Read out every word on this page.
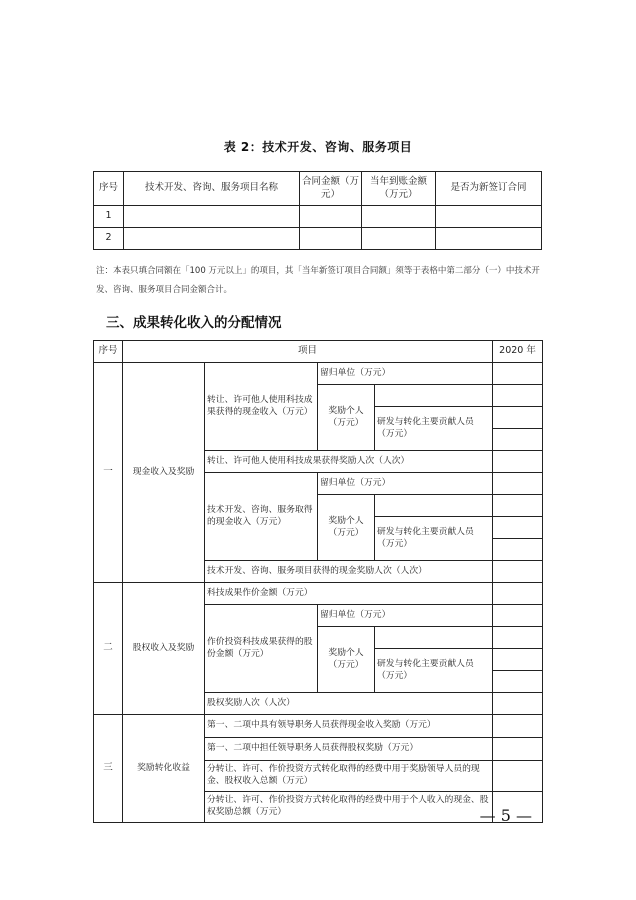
表 2：技术开发、咨询、服务项目
序号	技术开发、咨询、服务项目名称	合同金额（万元）	当年到账金额（万元）	是否为新签订合同
1				
2				
注：本表只填合同额在「100 万元以上」的项目，其「当年新签订项目合同额」须等于表格中第二部分（一）中技术开发、咨询、服务项目合同金额合计。
三、成果转化收入的分配情况
序号	项目				2020 年
一	现金收入及奖励	转让、许可他人使用科技成果获得的现金收入（万元）	留归单位（万元）		
			奖励个人（万元）		
				研发与转化主要贡献人员（万元）	

		转让、许可他人使用科技成果获得奖励人次（人次）			
		技术开发、咨询、服务取得的现金收入（万元）	留归单位（万元）		
			奖励个人（万元）		
				研发与转化主要贡献人员（万元）	

		技术开发、咨询、服务项目获得的现金奖励人次（人次）			
二	股权收入及奖励	科技成果作价金额（万元）			
		作价投资科技成果获得的股份金额（万元）	留归单位（万元）		
			奖励个人（万元）		
				研发与转化主要贡献人员（万元）	

		股权奖励人次（人次）			
三	奖励转化收益	第一、二项中具有领导职务人员获得现金收入奖励（万元）			
		第一、二项中担任领导职务人员获得股权奖励（万元）			
		分转让、许可、作价投资方式转化取得的经费中用于奖励领导人员的现金、股权收入总额（万元）			
		分转让、许可、作价投资方式转化取得的经费中用于个人收入的现金、股权奖励总额（万元）				— 5 —
